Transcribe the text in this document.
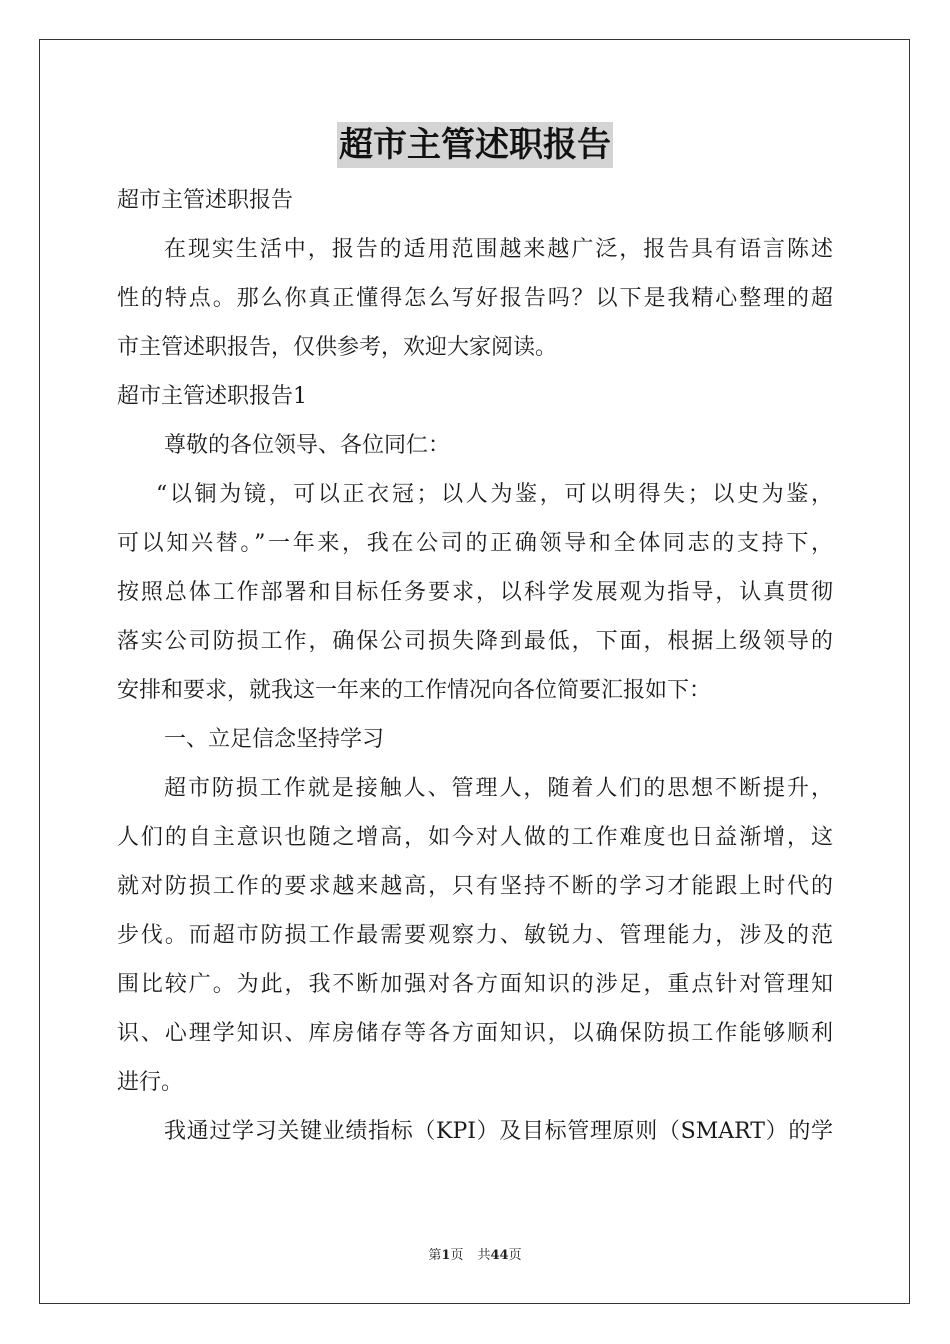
超市主管述职报告
超市主管述职报告
在现实生活中，报告的适用范围越来越广泛，报告具有语言陈述
性的特点。那么你真正懂得怎么写好报告吗？以下是我精心整理的超
市主管述职报告，仅供参考，欢迎大家阅读。
超市主管述职报告1
尊敬的各位领导、各位同仁：
“以铜为镜，可以正衣冠；以人为鉴，可以明得失；以史为鉴，
可以知兴替。”一年来，我在公司的正确领导和全体同志的支持下，
按照总体工作部署和目标任务要求，以科学发展观为指导，认真贯彻
落实公司防损工作，确保公司损失降到最低，下面，根据上级领导的
安排和要求，就我这一年来的工作情况向各位简要汇报如下：
一、立足信念坚持学习
超市防损工作就是接触人、管理人，随着人们的思想不断提升，
人们的自主意识也随之增高，如今对人做的工作难度也日益渐增，这
就对防损工作的要求越来越高，只有坚持不断的学习才能跟上时代的
步伐。而超市防损工作最需要观察力、敏锐力、管理能力，涉及的范
围比较广。为此，我不断加强对各方面知识的涉足，重点针对管理知
识、心理学知识、库房储存等各方面知识，以确保防损工作能够顺利
进行。
我通过学习关键业绩指标（KPI）及目标管理原则（SMART）的学
第1页 共44页
